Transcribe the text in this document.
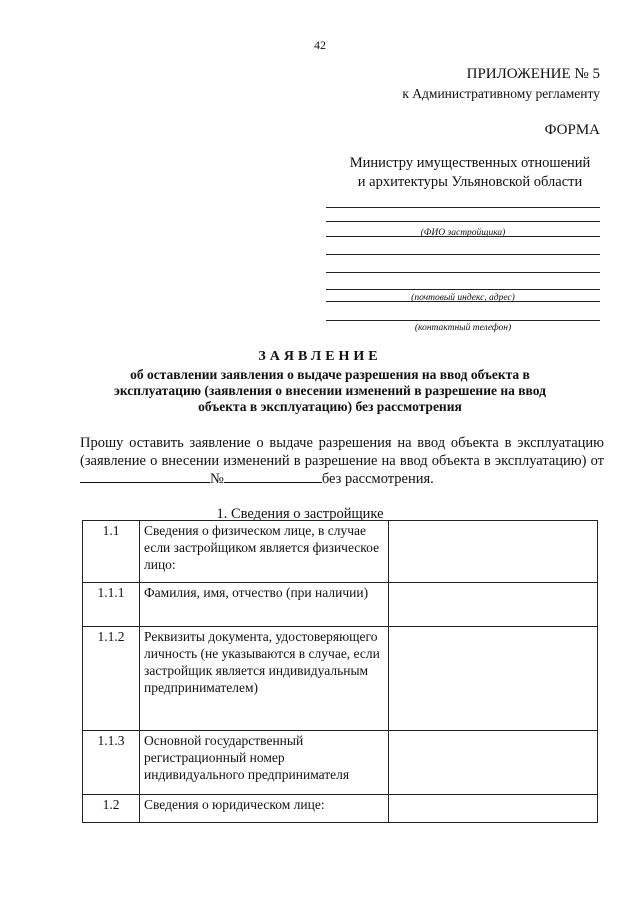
42
ПРИЛОЖЕНИЕ № 5
к Административному регламенту
ФОРМА
Министру имущественных отношений
и архитектуры Ульяновской области
(ФИО застройщика)
(почтовый индекс, адрес)
(контактный телефон)
ЗАЯВЛЕНИЕ
об оставлении заявления о выдаче разрешения на ввод объекта в эксплуатацию (заявления о внесении изменений в разрешение на ввод объекта в эксплуатацию) без рассмотрения
Прошу оставить заявление о выдаче разрешения на ввод объекта в эксплуатацию (заявление о внесении изменений в разрешение на ввод объекта в эксплуатацию) от№	без рассмотрения.
1. Сведения о застройщике
1.1	Сведения о физическом лице, в случае если застройщиком является физическое лицо:	
1.1.1	Фамилия, имя, отчество (при наличии)	
1.1.2	Реквизиты документа, удостоверяющего личность (не указываются в случае, если застройщик является индивидуальным предпринимателем)	
1.1.3	Основной государственный регистрационный номер индивидуального предпринимателя	
1.2	Сведения о юридическом лице:	
